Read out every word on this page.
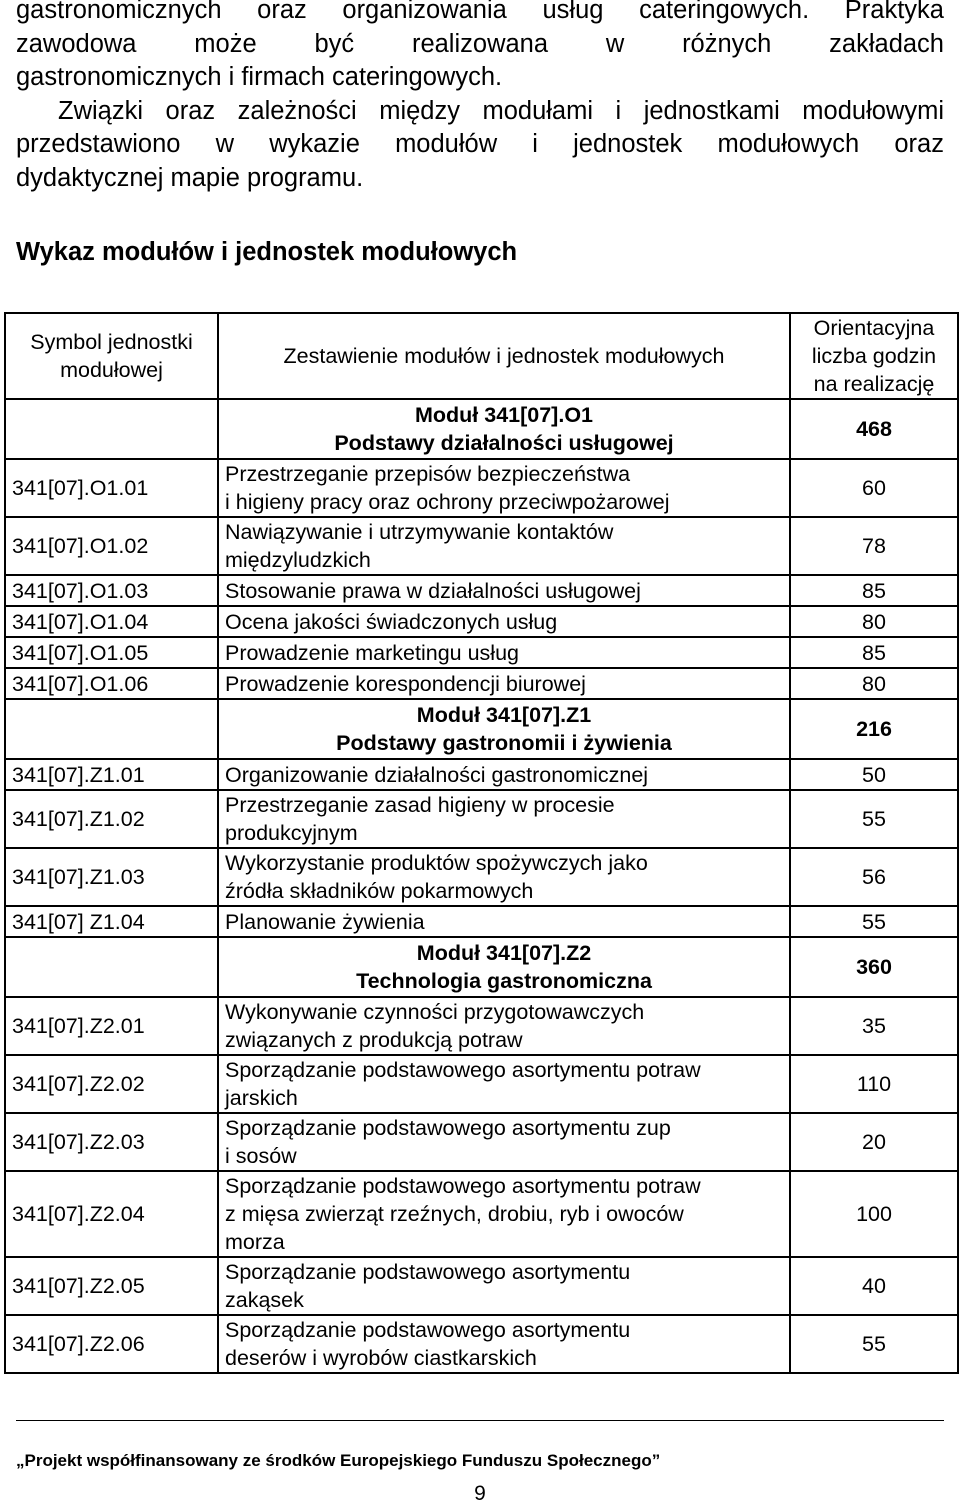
gastronomicznych oraz organizowania usług cateringowych. Praktyka

zawodowa może być realizowana w różnych zakładach

gastronomicznych i firmach cateringowych.

Związki oraz zależności między modułami i jednostkami modułowymi

przedstawiono w wykazie modułów i jednostek modułowych oraz

dydaktycznej mapie programu.

Wykaz modułów i jednostek modułowych
Symbol jednostki modułowej	Zestawienie modułów i jednostek modułowych	Orientacyjna liczba godzin na realizację

	Moduł 341[07].O1
Podstawy działalności usługowej	468
341[07].O1.01	Przestrzeganie przepisów bezpieczeństwa
i higieny pracy oraz ochrony przeciwpożarowej	60
341[07].O1.02	Nawiązywanie i utrzymywanie kontaktów
międzyludzkich	78
341[07].O1.03	Stosowanie prawa w działalności usługowej	85
341[07].O1.04	Ocena jakości świadczonych usług	80
341[07].O1.05	Prowadzenie marketingu usług	85
341[07].O1.06	Prowadzenie korespondencji biurowej	80

	Moduł 341[07].Z1
Podstawy gastronomii i żywienia	216
341[07].Z1.01	Organizowanie działalności gastronomicznej	50
341[07].Z1.02	Przestrzeganie zasad higieny w procesie
produkcyjnym	55
341[07].Z1.03	Wykorzystanie produktów spożywczych jako
źródła składników pokarmowych	56
341[07] Z1.04	Planowanie żywienia	55

	Moduł 341[07].Z2
Technologia gastronomiczna	360
341[07].Z2.01	Wykonywanie czynności przygotowawczych
związanych z produkcją potraw	35
341[07].Z2.02	Sporządzanie podstawowego asortymentu potraw
jarskich	110
341[07].Z2.03	Sporządzanie podstawowego asortymentu zup
i sosów	20
341[07].Z2.04	Sporządzanie podstawowego asortymentu potraw
z mięsa zwierząt rzeźnych, drobiu, ryb i owoców
morza	100
341[07].Z2.05	Sporządzanie podstawowego asortymentu
zakąsek	40
341[07].Z2.06	Sporządzanie podstawowego asortymentu
deserów i wyrobów ciastkarskich	55
„Projekt współfinansowany ze środków Europejskiego Funduszu Społecznego”
9
